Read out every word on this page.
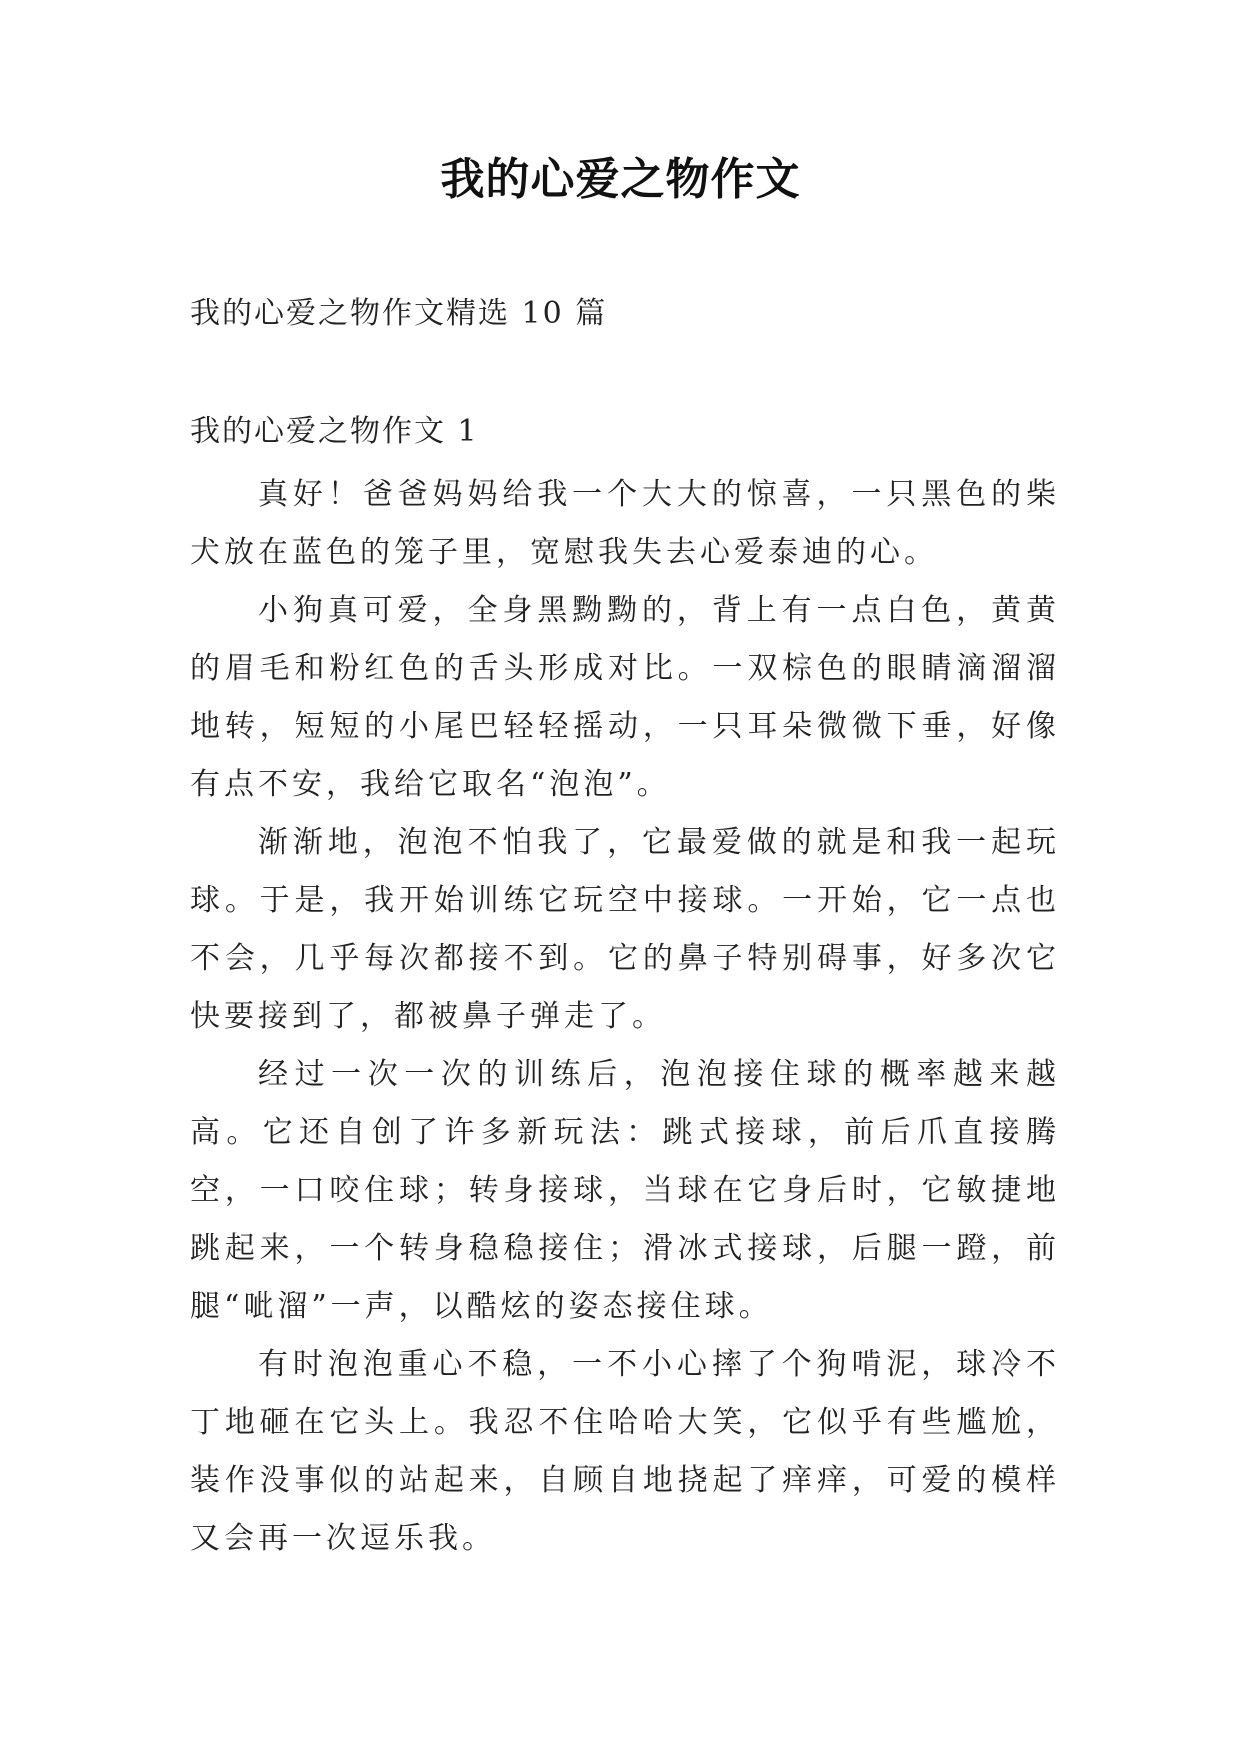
我的心爱之物作文

我的心爱之物作文精选 10 篇

我的心爱之物作文 1

真好！爸爸妈妈给我一个大大的惊喜，一只黑色的柴犬放在蓝色的笼子里，宽慰我失去心爱泰迪的心。

小狗真可爱，全身黑黝黝的，背上有一点白色，黄黄的眉毛和粉红色的舌头形成对比。一双棕色的眼睛滴溜溜地转，短短的小尾巴轻轻摇动，一只耳朵微微下垂，好像有点不安，我给它取名“泡泡”。

渐渐地，泡泡不怕我了，它最爱做的就是和我一起玩球。于是，我开始训练它玩空中接球。一开始，它一点也不会，几乎每次都接不到。它的鼻子特别碍事，好多次它快要接到了，都被鼻子弹走了。

经过一次一次的训练后，泡泡接住球的概率越来越高。它还自创了许多新玩法：跳式接球，前后爪直接腾空，一口咬住球；转身接球，当球在它身后时，它敏捷地跳起来，一个转身稳稳接住；滑冰式接球，后腿一蹬，前腿“呲溜”一声，以酷炫的姿态接住球。

有时泡泡重心不稳，一不小心摔了个狗啃泥，球冷不丁地砸在它头上。我忍不住哈哈大笑，它似乎有些尴尬，装作没事似的站起来，自顾自地挠起了痒痒，可爱的模样又会再一次逗乐我。
